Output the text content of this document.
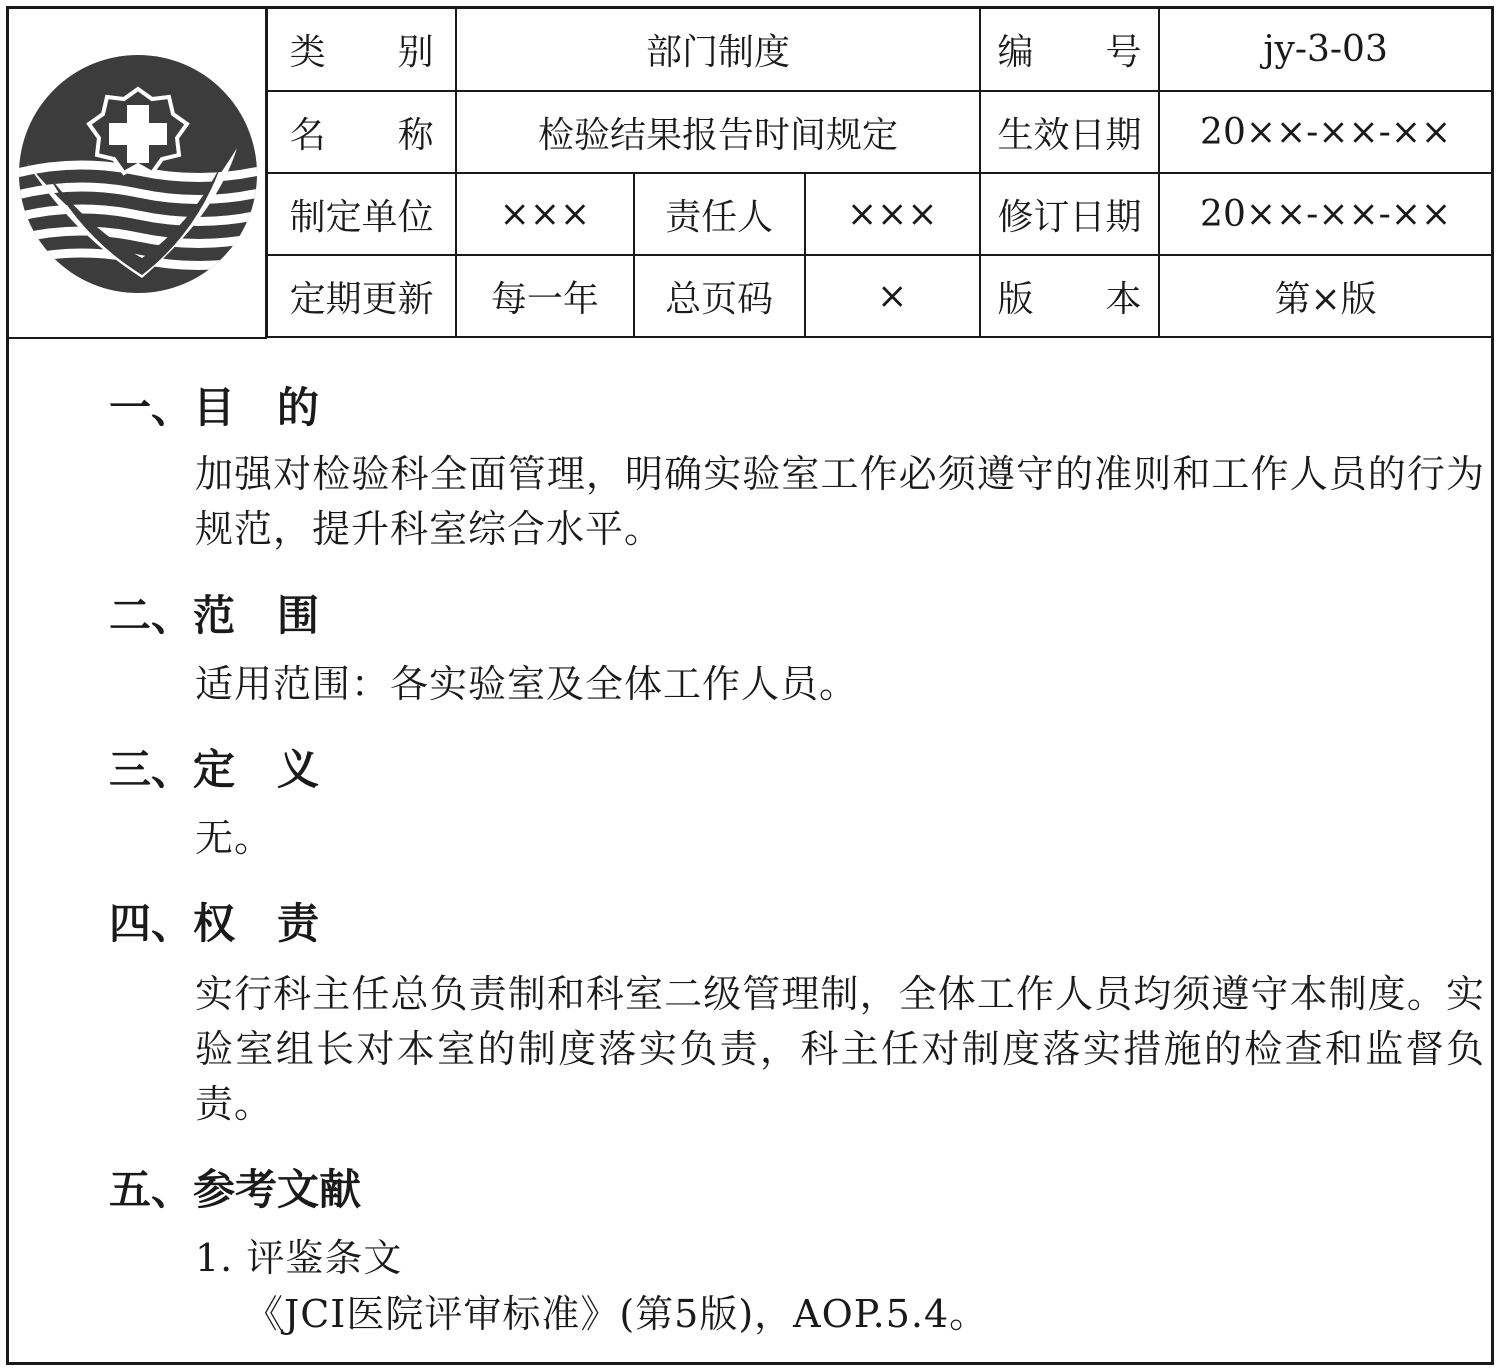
类　　别	部门制度			编　　号	jy-3-03
名　　称	检验结果报告时间规定			生效日期	20××-××-××
制定单位	×××	责任人	×××	修订日期	20××-××-××
定期更新	每一年	总页码	×	版　　本	第×版
一、目　的
加强对检验科全面管理，明确实验室工作必须遵守的准则和工作人员的行为规范，提升科室综合水平。
二、范　围
适用范围：各实验室及全体工作人员。
三、定　义
无。
四、权　责
实行科主任总负责制和科室二级管理制，全体工作人员均须遵守本制度。实验室组长对本室的制度落实负责，科主任对制度落实措施的检查和监督负责。
五、参考文献
1. 评鉴条文
《JCI医院评审标准》(第5版)，AOP.5.4。
